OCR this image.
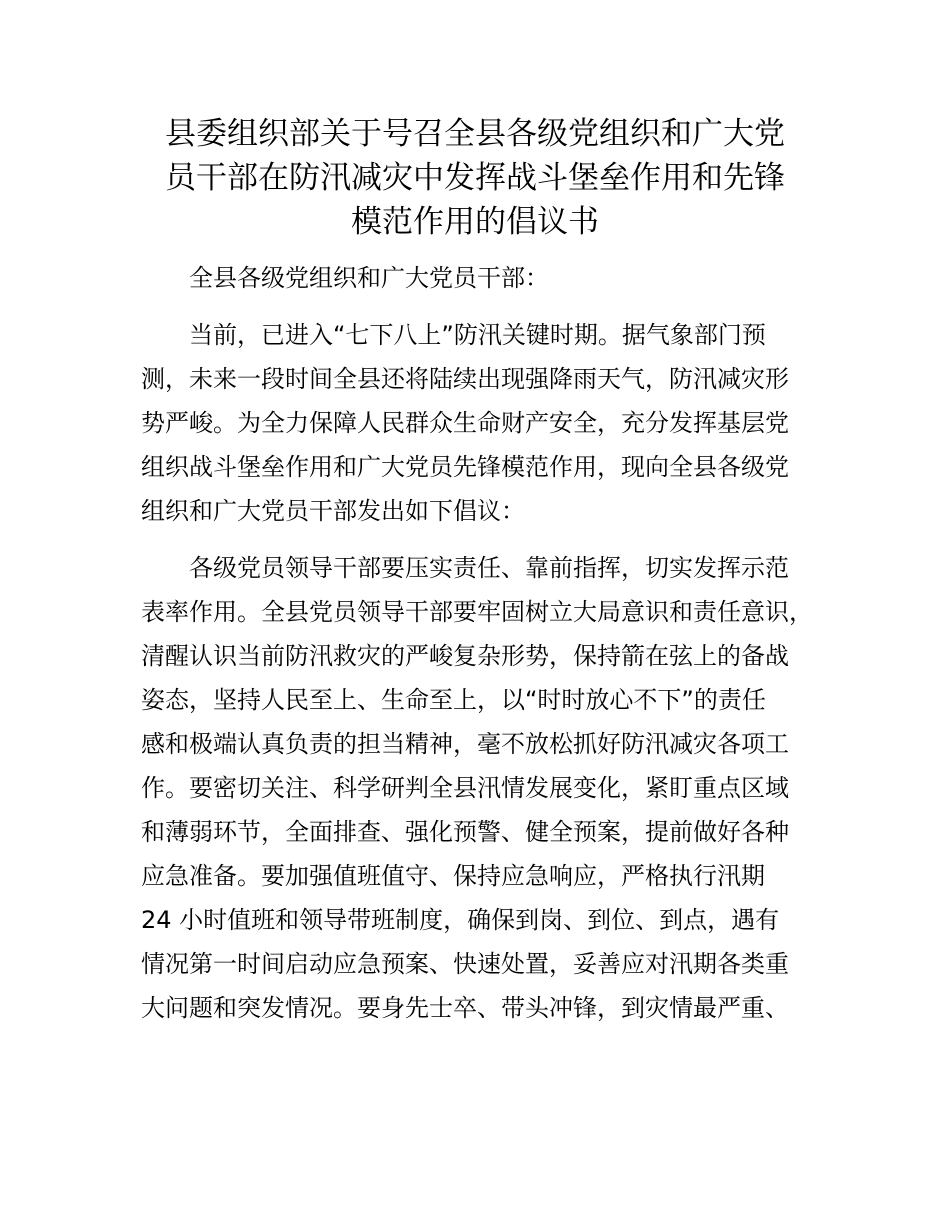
县委组织部关于号召全县各级党组织和广大党
员干部在防汛减灾中发挥战斗堡垒作用和先锋
模范作用的倡议书

全县各级党组织和广大党员干部：

当前，已进入“七下八上”防汛关键时期。据气象部门预
测，未来一段时间全县还将陆续出现强降雨天气，防汛减灾形
势严峻。为全力保障人民群众生命财产安全，充分发挥基层党
组织战斗堡垒作用和广大党员先锋模范作用，现向全县各级党
组织和广大党员干部发出如下倡议：

各级党员领导干部要压实责任、靠前指挥，切实发挥示范
表率作用。全县党员领导干部要牢固树立大局意识和责任意识，
清醒认识当前防汛救灾的严峻复杂形势，保持箭在弦上的备战
姿态，坚持人民至上、生命至上，以“时时放心不下”的责任
感和极端认真负责的担当精神，毫不放松抓好防汛减灾各项工
作。要密切关注、科学研判全县汛情发展变化，紧盯重点区域
和薄弱环节，全面排查、强化预警、健全预案，提前做好各种
应急准备。要加强值班值守、保持应急响应，严格执行汛期
24 小时值班和领导带班制度，确保到岗、到位、到点，遇有
情况第一时间启动应急预案、快速处置，妥善应对汛期各类重
大问题和突发情况。要身先士卒、带头冲锋，到灾情最严重、
